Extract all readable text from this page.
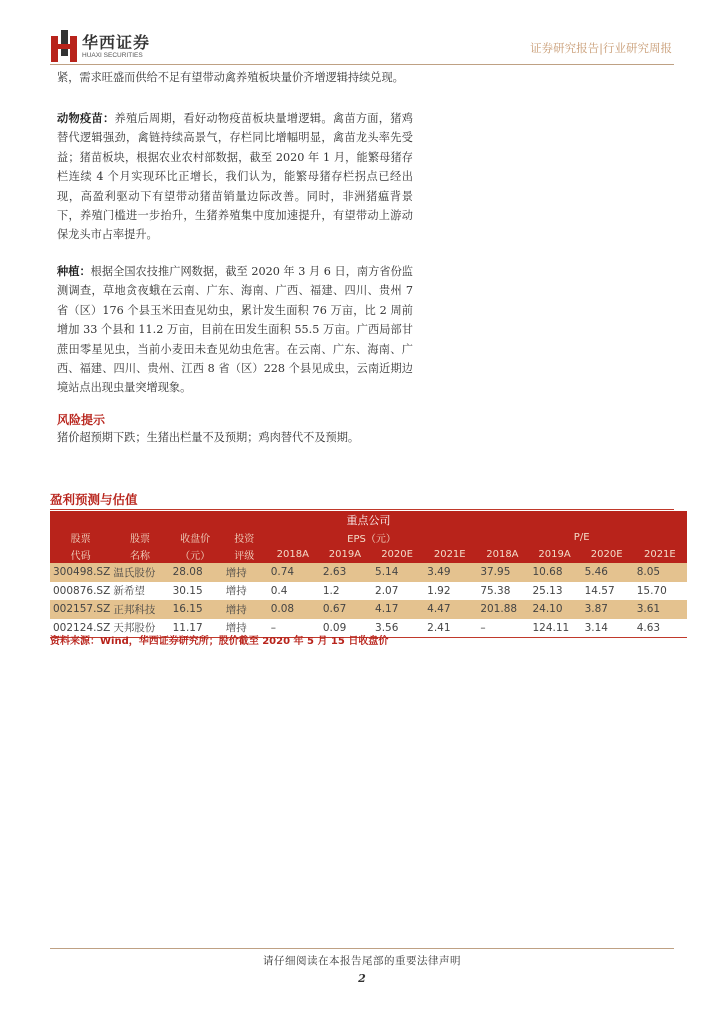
华西证券
HUAXI SECURITIES
证券研究报告|行业研究周报

紧，需求旺盛而供给不足有望带动禽养殖板块量价齐增逻辑持续兑现。

动物疫苗：养殖后周期，看好动物疫苗板块量增逻辑。禽苗方面，猪鸡替代逻辑强劲，禽链持续高景气，存栏同比增幅明显，禽苗龙头率先受益；猪苗板块，根据农业农村部数据，截至 2020 年 1 月，能繁母猪存栏连续 4 个月实现环比正增长，我们认为，能繁母猪存栏拐点已经出现，高盈利驱动下有望带动猪苗销量边际改善。同时，非洲猪瘟背景下，养殖门槛进一步抬升，生猪养殖集中度加速提升，有望带动上游动保龙头市占率提升。

种植：根据全国农技推广网数据，截至 2020 年 3 月 6 日，南方省份监测调查，草地贪夜蛾在云南、广东、海南、广西、福建、四川、贵州 7 省（区）176 个县玉米田查见幼虫，累计发生面积 76 万亩，比 2 周前增加 33 个县和 11.2 万亩，目前在田发生面积 55.5 万亩。广西局部甘蔗田零星见虫，当前小麦田未查见幼虫危害。在云南、广东、海南、广西、福建、四川、贵州、江西 8 省（区）228 个县见成虫，云南近期边境站点出现虫量突增现象。

风险提示

猪价超预期下跌；生猪出栏量不及预期；鸡肉替代不及预期。

盈利预测与估值
重点公司											
股票	股票	收盘价	投资	EPS（元）				P/E			
代码	名称	（元）	评级	2018A	2019A	2020E	2021E	2018A	2019A	2020E	2021E
300498.SZ	温氏股份	28.08	增持	0.74	2.63	5.14	3.49	37.95	10.68	5.46	8.05
000876.SZ	新希望	30.15	增持	0.4	1.2	2.07	1.92	75.38	25.13	14.57	15.70
002157.SZ	正邦科技	16.15	增持	0.08	0.67	4.17	4.47	201.88	24.10	3.87	3.61
002124.SZ	天邦股份	11.17	增持	–	0.09	3.56	2.41	–	124.11	3.14	4.63
资料来源：Wind，华西证券研究所；股价截至 2020 年 5 月 15 日收盘价
请仔细阅读在本报告尾部的重要法律声明
2
